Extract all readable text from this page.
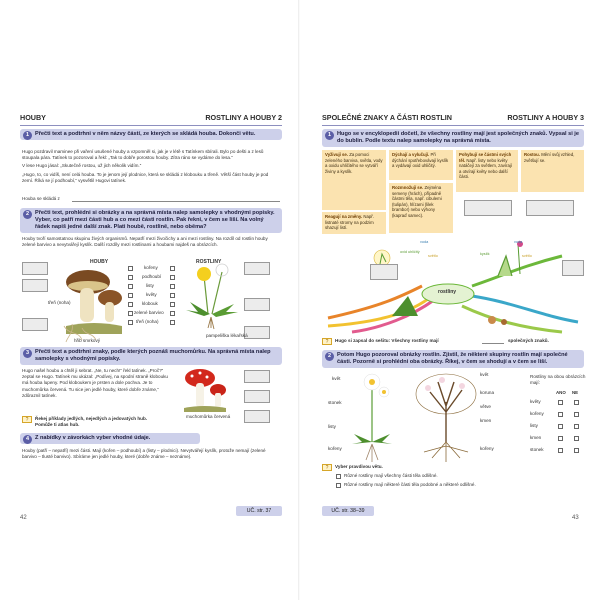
HOUBY	ROSTLINY A HOUBY 2
1	Přečti text a podtrhni v něm názvy částí, ze kterých se skládá houba. Dokonči větu.

Hugo pozdravil maminee při vaření usušené houby a vzpomněl si, jak je v létě s Tatínkem sbírali. Bylo po dešti a z lesů stoupala pára. Tatínek to pozoroval a řekl: „Tak to dobře porostou houby. Zítra ráno se vydáme do lesa.“

V lese Hugo jásal: „Skutečně rostou, už jich několik vidím.“

„Hugo, to, co vidíš, není celá houba. To je jenom její plodnice, která se skládá z klobouku a třeně. Větší část houby je pod zemí. Říká se jí podhoubí,“ vysvětlil Hugovi tatínek.

Houba se skládá z
2	Přečti text, prohlédni si obrázky a na správná místa nalep samolepky s vhodnými popisky. Vyber, co patří mezi části hub a co mezi části rostlin. Pak řekni, v čem se liší. Na volný řádek napiš jedné další znak. Plati houbě, rostlině, nebo oběma?
Houby tvoří samostatnou skupinu živých organismů. Nepatří mezi živočichy a ani mezi rostliny. Na rozdíl od rostlin houby zelené barvivo a nevytvářejí kyslík. Další rozdíly mezi rostlinami a houbami najdeš na obrázcích.
HOUBY	ROSTLINY
třeň (noha)
hřib smrkový
kořeny
podhoubí
listy
květy
klobouk
zelené barvivo
třeň (noha)
pampeliška lékařská
3	Přečti text a podtrhni znaky, podle kterých poznáš muchomůrku. Na správná místa nalep samolepky s vhodnými popisky.
Hugo našel houbu a chtěl ji sebrat. „Ne, tu nech!“ řekl tatínek. „Proč?“ zeptal se Hugo. Tatínek mu ukázal: „Podívej, na spodní straně klobouku má houba lupeny. Pod kloboukem je prsten a dole pochva. Je to muchomůrka červená. Tu sice jen jedlé houby, které dobře známe,“ zdůraznil tatínek.
muchomůrka červená
?	Řekej příklady jedlých, nejedlých a jedovatých hub. Pomůže ti atlas hub.
4	Z nabídky v závorkách vyber vhodné údaje.
Houby (patří – nepatří) mezi části. Mají (kořen – podhoubí) a (listy – plodnici). Nevytvářejí kyslík, protože nemají (zelené barvivo – tlusté barvivo). Sbíráme jen jedlé houby, které (dobře známe – neznáme).
42
UČ. str. 37
SPOLEČNÉ ZNAKY A ČÁSTI ROSTLIN	ROSTLINY A HOUBY 3
1	Hugo se v encyklopedii dočetl, že všechny rostliny mají jest společných znaků. Vypsal si je do bublin. Podle textu nalep samolepky na správná místa.
Vyživují se. Za pomoci zeleného barviva, světla, vody a oxidu uhličitého se vytváří živiny a kyslík.
Dýchají a vylučují. Při dýchání spotřebovávají kyslík a vydávají oxid uhličitý.
Pohybují se částmi svých těl. Např. listy nebo květy natáčejí za světlem, zavírají a otvírají květy nebo další části.
Rostou. Mění svůj vzhled, zvětšují se.
Rozmnožují se. Zejména semeny (hrách), případně částmi těla, např. cibulemi (tulipán), hlízami (lilek brambor) nebo výhony (kapraď samec).
Reagují na změny. Např. listnaté stromy na podzim shazují listí.
rostliny
voda
světlo
oxid uhličitý	kyslík
voda
světlo
?	Hugo si zapsal do sešitu: Všechny rostliny mají	společných znaků.
2	Potom Hugo pozoroval obrázky rostlin. Zjistil, že některé skupiny rostlin mají společné části. Pozorně si prohlédni oba obrázky. Říkej, v čem se shodují a v čem se liší.
květ
stonek
listy
kořeny
květ
koruna
větve
kmen
kořeny
Rostliny na obou obrázcích mají:
ANO NE
květy
kořeny
listy
kmen
stonek
?	Vyber pravdivou větu.
Různé rostliny mají všechny části těla odlišné.
Různé rostliny mají některé části těla podobné a některé odlišné.
UČ. str. 38–39
43
